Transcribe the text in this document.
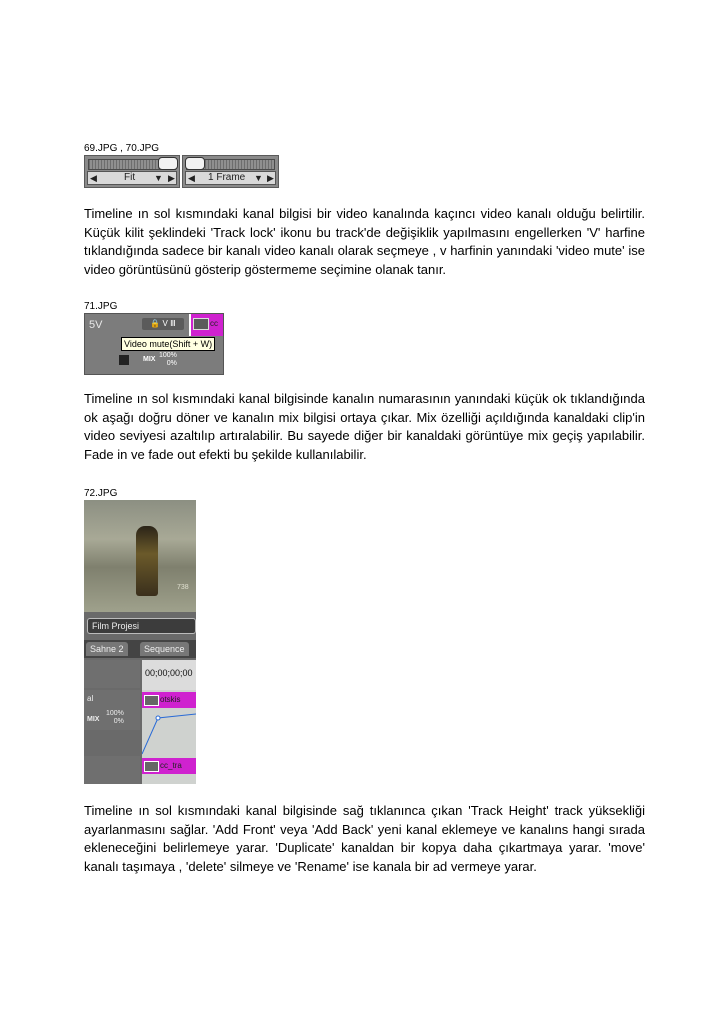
69.JPG , 70.JPG
◀	Fit ▼ ▶ ◀ 1 Frame ▼ ▶

Timeline ın sol kısmındaki kanal bilgisi bir video kanalında kaçıncı video kanalı olduğu belirtilir. Küçük kilit şeklindeki 'Track lock' ikonu bu track'de değişiklik yapılmasını engellerken 'V' harfine tıklandığında sadece bir kanalı video kanalı olarak seçmeye , v harfinin yanındaki 'video mute' ise video görüntüsünü gösterip göstermeme seçimine olanak tanır.

71.JPG
5V	🔒 V Ⅲ	cc
Video mute(Shift + W)
MIX
100%
0%

Timeline ın sol kısmındaki kanal bilgisinde kanalın numarasının yanındaki küçük ok tıklandığında ok aşağı doğru döner ve kanalın mix bilgisi ortaya çıkar. Mix özelliği açıldığında kanaldaki clip'in video seviyesi azaltılıp artıralabilir. Bu sayede diğer bir kanaldaki görüntüye mix geçiş yapılabilir. Fade in ve fade out efekti bu şekilde kullanılabilir.

72.JPG
738
Film Projesi
Sahne 2	Sequence
00;00;00;00
al
MIX
100%
0%
otskis
cc_tra

Timeline ın sol kısmındaki kanal bilgisinde sağ tıklanınca çıkan 'Track Height' track yüksekliği ayarlanmasını sağlar. 'Add Front' veya 'Add Back' yeni kanal eklemeye ve kanalıns hangi sırada ekleneceğini belirlemeye yarar. 'Duplicate' kanaldan bir kopya daha çıkartmaya yarar. 'move' kanalı taşımaya , 'delete' silmeye ve 'Rename' ise kanala bir ad vermeye yarar.
